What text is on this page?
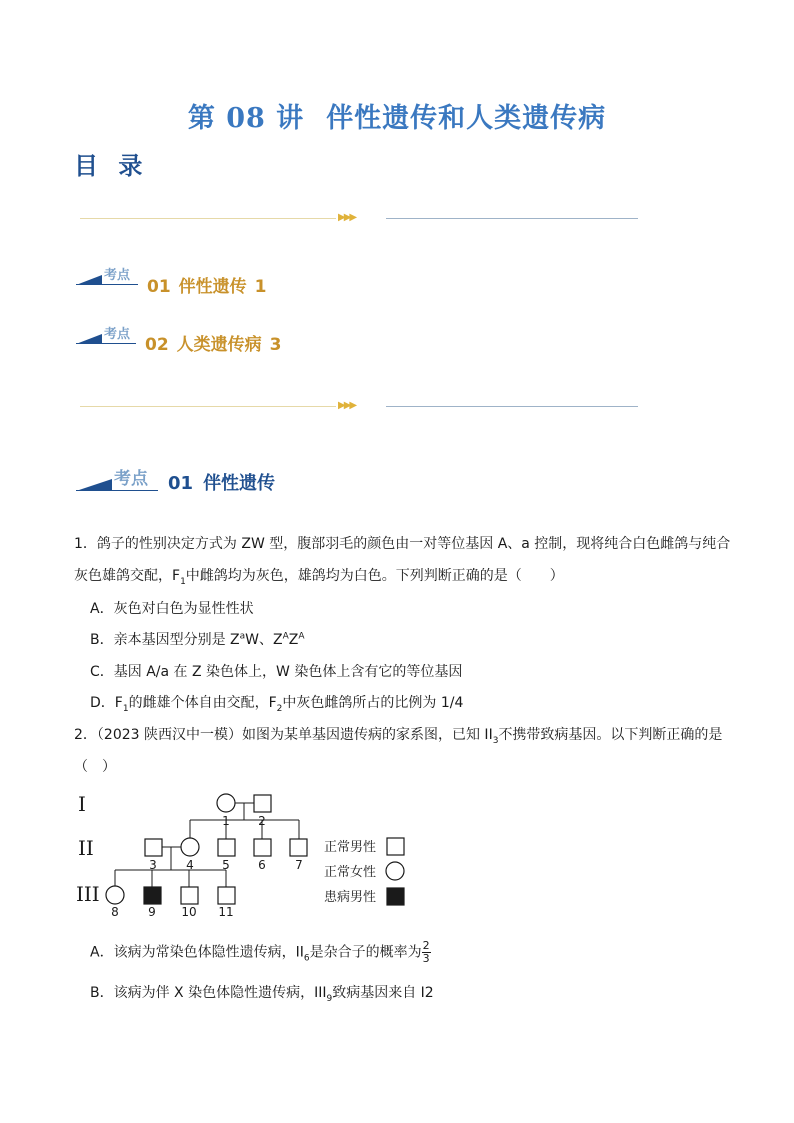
第 08 讲 伴性遗传和人类遗传病
目 录
▶▶▶
考点
01 伴性遗传 1
考点
02 人类遗传病 3
▶▶▶
考点 01 伴性遗传
1．鸽子的性别决定方式为 ZW 型，腹部羽毛的颜色由一对等位基因 A、a 控制，现将纯合白色雌鸽与纯合
灰色雄鸽交配，$F_1$中雌鸽均为灰色，雄鸽均为白色。下列判断正确的是（　　）
A．灰色对白色为显性性状
B．亲本基因型分别是 $Z^aW$、$Z^AZ^A$
C．基因 A/a 在 Z 染色体上，W 染色体上含有它的等位基因
D．$F_1$的雌雄个体自由交配，$F_2$中灰色雌鸽所占的比例为 1/4
2．（2023 陕西汉中一模）如图为某单基因遗传病的家系图，已知 $II_3$不携带致病基因。以下判断正确的是
（　）
I
II
III
1 2
3 4 5 6 7
8 9 10 11
正常男性
正常女性
患病男性
A．该病为常染色体隐性遗传病，$II_6$是杂合子的概率为 $\frac{2}{3}$
B．该病为伴 X 染色体隐性遗传病，$III_9$致病基因来自 I2
